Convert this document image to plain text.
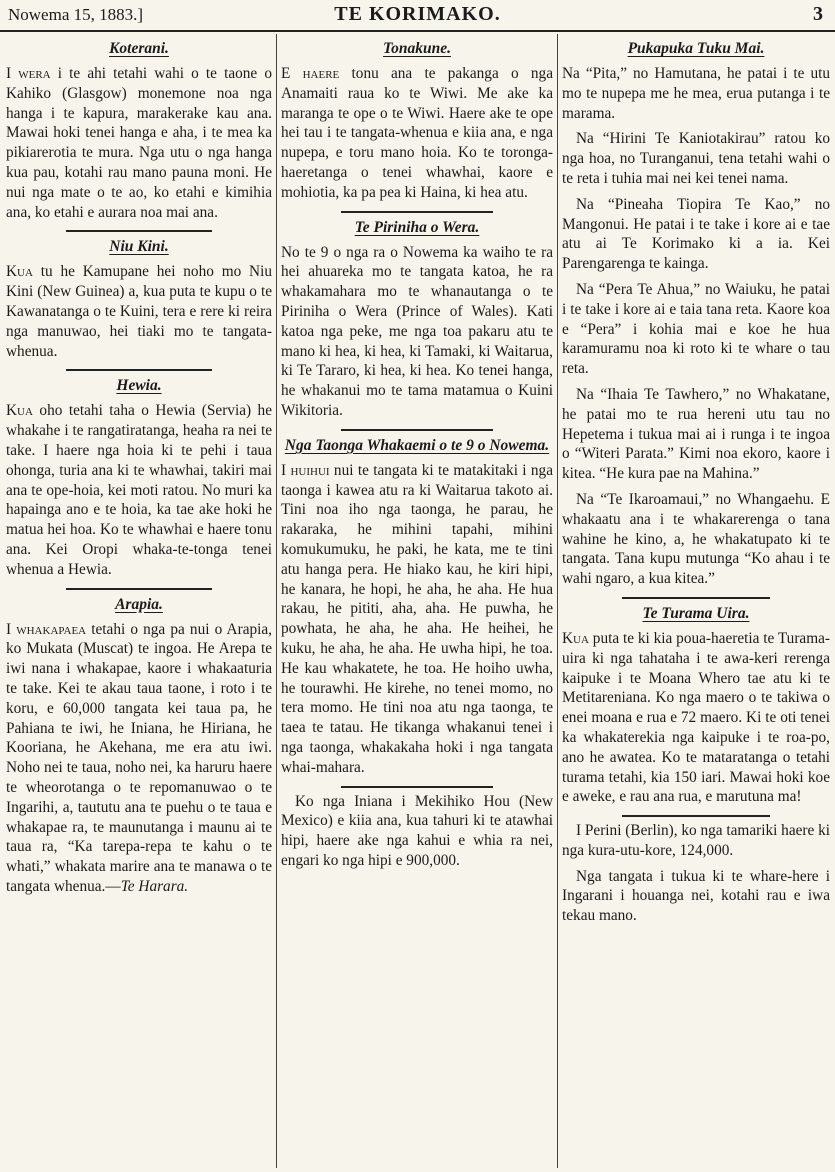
Nowema 15, 1883.]	TE KORIMAKO.	3
Koterani.

I wera i te ahi tetahi wahi o te taone o Kahiko (Glasgow) monemone noa nga hanga i te kapura, marakerake kau ana. Mawai hoki tenei hanga e aha, i te mea ka pikiarerotia te mura. Nga utu o nga hanga kua pau, kotahi rau mano pauna moni. He nui nga mate o te ao, ko etahi e kimihia ana, ko etahi e aurara noa mai ana.

Niu Kini.

Kua tu he Kamupane hei noho mo Niu Kini (New Guinea) a, kua puta te kupu o te Kawanatanga o te Kuini, tera e rere ki reira nga manuwao, hei tiaki mo te tangata-whenua.

Hewia.

Kua oho tetahi taha o Hewia (Servia) he whakahe i te rangatiratanga, heaha ra nei te take. I haere nga hoia ki te pehi i taua ohonga, turia ana ki te whawhai, takiri mai ana te ope-hoia, kei moti ratou. No muri ka hapainga ano e te hoia, ka tae ake hoki he matua hei hoa. Ko te whawhai e haere tonu ana. Kei Oropi whaka-te-tonga tenei whenua a Hewia.

Arapia.

I whakapaea tetahi o nga pa nui o Arapia, ko Mukata (Muscat) te ingoa. He Arepa te iwi nana i whakapae, kaore i whakaaturia te take. Kei te akau taua taone, i roto i te koru, e 60,000 tangata kei taua pa, he Pahiana te iwi, he Iniana, he Hiriana, he Kooriana, he Akehana, me era atu iwi. Noho nei te taua, noho nei, ka haruru haere te wheorotanga o te repomanuwao o te Ingarihi, a, taututu ana te puehu o te taua e whakapae ra, te maunutanga i maunu ai te taua ra, “Ka tarepa-repa te kahu o te whati,” whakata marire ana te manawa o te tangata whenua.—Te Harara.

Tonakune.

E haere tonu ana te pakanga o nga Anamaiti raua ko te Wiwi. Me ake ka maranga te ope o te Wiwi. Haere ake te ope hei tau i te tangata-whenua e kiia ana, e nga nupepa, e toru mano hoia. Ko te toronga-haeretanga o tenei whawhai, kaore e mohiotia, ka pa pea ki Haina, ki hea atu.

Te Piriniha o Wera.

No te 9 o nga ra o Nowema ka waiho te ra hei ahuareka mo te tangata katoa, he ra whakamahara mo te whanautanga o te Piriniha o Wera (Prince of Wales). Kati katoa nga peke, me nga toa pakaru atu te mano ki hea, ki hea, ki Tamaki, ki Waitarua, ki Te Tararo, ki hea, ki hea. Ko tenei hanga, he whakanui mo te tama matamua o Kuini Wikitoria.

Nga Taonga Whakaemi o te 9 o Nowema.

I huihui nui te tangata ki te matakitaki i nga taonga i kawea atu ra ki Waitarua takoto ai. Tini noa iho nga taonga, he parau, he rakaraka, he mihini tapahi, mihini komukumuku, he paki, he kata, me te tini atu hanga pera. He hiako kau, he kiri hipi, he kanara, he hopi, he aha, he aha. He hua rakau, he pititi, aha, aha. He puwha, he powhata, he aha, he aha. He heihei, he kuku, he aha, he aha. He uwha hipi, he toa. He kau whakatete, he toa. He hoiho uwha, he tourawhi. He kirehe, no tenei momo, no tera momo. He tini noa atu nga taonga, te taea te tatau. He tikanga whakanui tenei i nga taonga, whakakaha hoki i nga tangata whai-mahara.

Ko nga Iniana i Mekihiko Hou (New Mexico) e kiia ana, kua tahuri ki te atawhai hipi, haere ake nga kahui e whia ra nei, engari ko nga hipi e 900,000.

Pukapuka Tuku Mai.

Na “Pita,” no Hamutana, he patai i te utu mo te nupepa me he mea, erua putanga i te marama.

Na “Hirini Te Kaniotakirau” ratou ko nga hoa, no Turanganui, tena tetahi wahi o te reta i tuhia mai nei kei tenei nama.

Na “Pineaha Tiopira Te Kao,” no Mangonui. He patai i te take i kore ai e tae atu ai Te Korimako ki a ia. Kei Parengarenga te kainga.

Na “Pera Te Ahua,” no Waiuku, he patai i te take i kore ai e taia tana reta. Kaore koa e “Pera” i kohia mai e koe he hua karamuramu noa ki roto ki te whare o tau reta.

Na “Ihaia Te Tawhero,” no Whakatane, he patai mo te rua hereni utu tau no Hepetema i tukua mai ai i runga i te ingoa o “Witeri Parata.” Kimi noa ekoro, kaore i kitea. “He kura pae na Mahina.”

Na “Te Ikaroamaui,” no Whangaehu. E whakaatu ana i te whakarerenga o tana wahine he kino, a, he whakatupato ki te tangata. Tana kupu mutunga “Ko ahau i te wahi ngaro, a kua kitea.”

Te Turama Uira.

Kua puta te ki kia poua-haeretia te Turama-uira ki nga tahataha i te awa-keri rerenga kaipuke i te Moana Whero tae atu ki te Metitareniana. Ko nga maero o te takiwa o enei moana e rua e 72 maero. Ki te oti tenei ka whakaterekia nga kaipuke i te roa-po, ano he awatea. Ko te mataratanga o tetahi turama tetahi, kia 150 iari. Mawai hoki koe e aweke, e rau ana rua, e marutuna ma!

I Perini (Berlin), ko nga tamariki haere ki nga kura-utu-kore, 124,000.

Nga tangata i tukua ki te whare-here i Ingarani i houanga nei, kotahi rau e iwa tekau mano.
